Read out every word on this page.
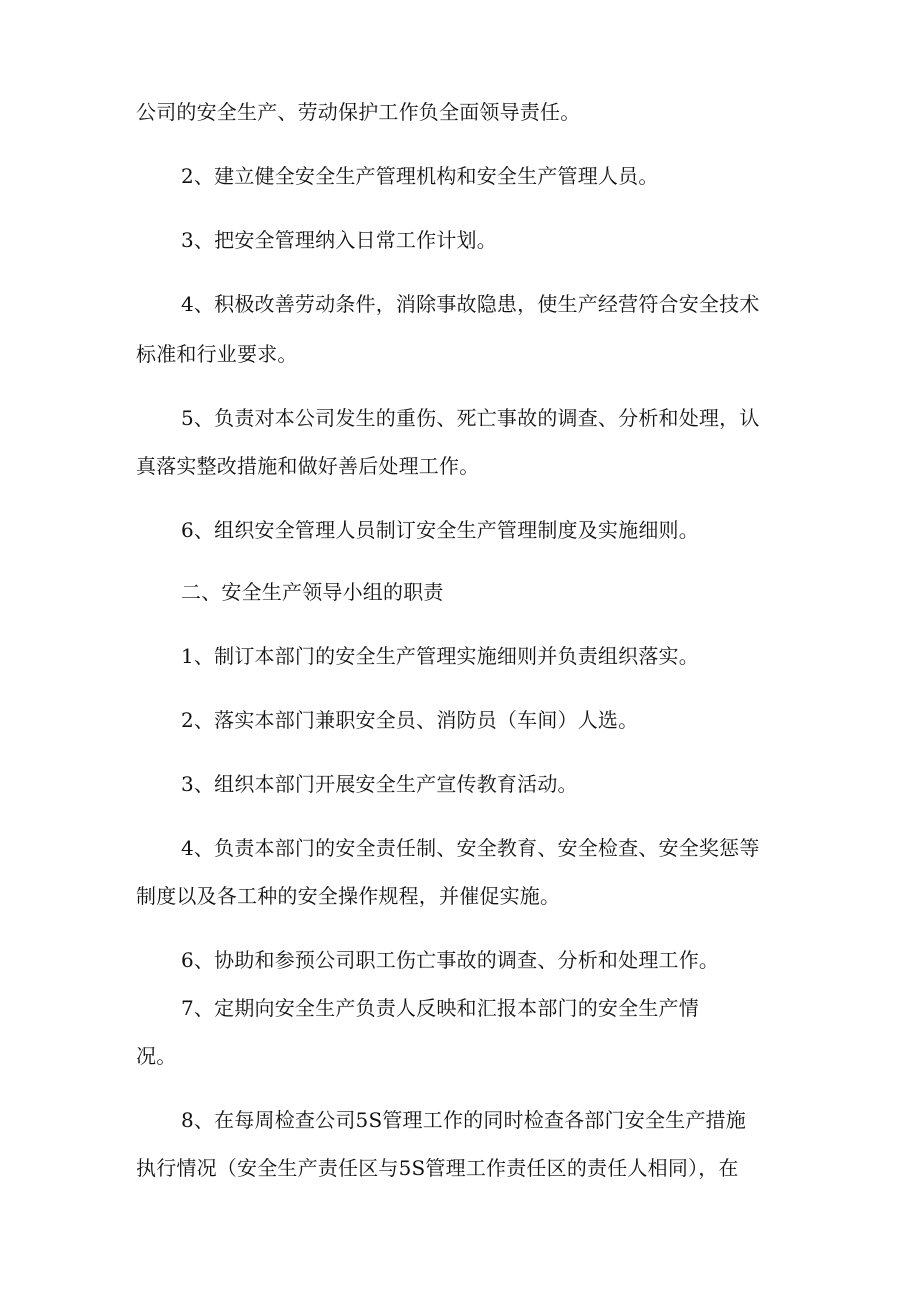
公司的安全生产、劳动保护工作负全面领导责任。
2、建立健全安全生产管理机构和安全生产管理人员。
3、把安全管理纳入日常工作计划。
4、积极改善劳动条件，消除事故隐患，使生产经营符合安全技术
标准和行业要求。
5、负责对本公司发生的重伤、死亡事故的调查、分析和处理，认
真落实整改措施和做好善后处理工作。
6、组织安全管理人员制订安全生产管理制度及实施细则。
二、安全生产领导小组的职责
1、制订本部门的安全生产管理实施细则并负责组织落实。
2、落实本部门兼职安全员、消防员（车间）人选。
3、组织本部门开展安全生产宣传教育活动。
4、负责本部门的安全责任制、安全教育、安全检查、安全奖惩等
制度以及各工种的安全操作规程，并催促实施。
6、协助和参预公司职工伤亡事故的调查、分析和处理工作。
7、定期向安全生产负责人反映和汇报本部门的安全生产情
况。
8、在每周检查公司5S管理工作的同时检查各部门安全生产措施
执行情况（安全生产责任区与5S管理工作责任区的责任人相同），在
